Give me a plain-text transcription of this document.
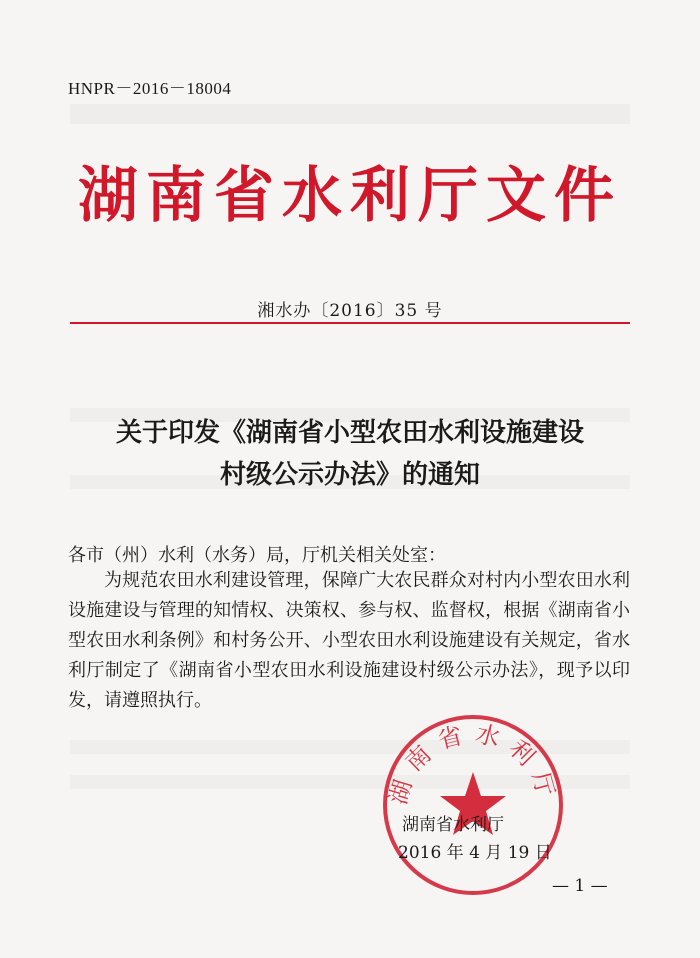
HNPR－2016－18004
湖南省水利厅文件
湘水办〔2016〕35 号
关于印发《湖南省小型农田水利设施建设
村级公示办法》的通知
各市（州）水利（水务）局，厅机关相关处室：

为规范农田水利建设管理，保障广大农民群众对村内小型农田水利设施建设与管理的知情权、决策权、参与权、监督权，根据《湖南省小型农田水利条例》和村务公开、小型农田水利设施建设有关规定，省水利厅制定了《湖南省小型农田水利设施建设村级公示办法》，现予以印发，请遵照执行。

湖南省水利厅
湖南省水利厅
2016 年 4 月 19 日
— 1 —
